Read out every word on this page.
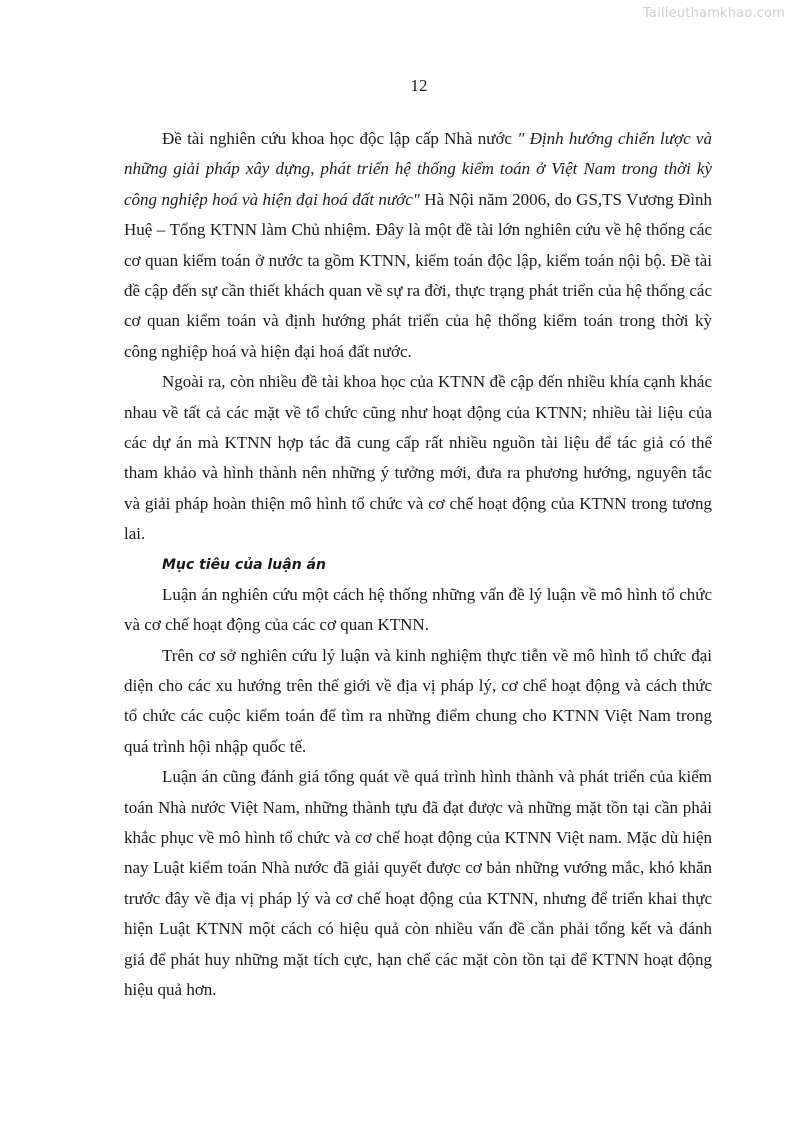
Tailieuthamkhao.com
12

Đề tài nghiên cứu khoa học độc lập cấp Nhà nước " Định hướng chiến lược và những giải pháp xây dựng, phát triển hệ thống kiểm toán ở Việt Nam trong thời kỳ công nghiệp hoá và hiện đại hoá đất nước" Hà Nội năm 2006, do GS,TS Vương Đình Huệ – Tổng KTNN làm Chủ nhiệm. Đây là một đề tài lớn nghiên cứu về hệ thống các cơ quan kiểm toán ở nước ta gồm KTNN, kiểm toán độc lập, kiểm toán nội bộ. Đề tài đề cập đến sự cần thiết khách quan về sự ra đời, thực trạng phát triển của hệ thống các cơ quan kiểm toán và định hướng phát triển của hệ thống kiểm toán trong thời kỳ công nghiệp hoá và hiện đại hoá đất nước.

Ngoài ra, còn nhiều đề tài khoa học của KTNN đề cập đến nhiều khía cạnh khác nhau về tất cả các mặt về tổ chức cũng như hoạt động của KTNN; nhiều tài liệu của các dự án mà KTNN hợp tác đã cung cấp rất nhiều nguồn tài liệu để tác giả có thể tham khảo và hình thành nên những ý tưởng mới, đưa ra phương hướng, nguyên tắc và giải pháp hoàn thiện mô hình tổ chức và cơ chế hoạt động của KTNN trong tương lai.

Mục tiêu của luận án

Luận án nghiên cứu một cách hệ thống những vấn đề lý luận về mô hình tổ chức và cơ chế hoạt động của các cơ quan KTNN.

Trên cơ sở nghiên cứu lý luận và kinh nghiệm thực tiễn về mô hình tổ chức đại diện cho các xu hướng trên thế giới về địa vị pháp lý, cơ chế hoạt động và cách thức tổ chức các cuộc kiểm toán để tìm ra những điểm chung cho KTNN Việt Nam trong quá trình hội nhập quốc tế.

Luận án cũng đánh giá tổng quát về quá trình hình thành và phát triển của kiểm toán Nhà nước Việt Nam, những thành tựu đã đạt được và những mặt tồn tại cần phải khắc phục về mô hình tổ chức và cơ chế hoạt động của KTNN Việt nam. Mặc dù hiện nay Luật kiểm toán Nhà nước đã giải quyết được cơ bản những vướng mắc, khó khăn trước đây về địa vị pháp lý và cơ chế hoạt động của KTNN, nhưng để triển khai thực hiện Luật KTNN một cách có hiệu quả còn nhiều vấn đề cần phải tổng kết và đánh giá để phát huy những mặt tích cực, hạn chế các mặt còn tồn tại để KTNN hoạt động hiệu quả hơn.
